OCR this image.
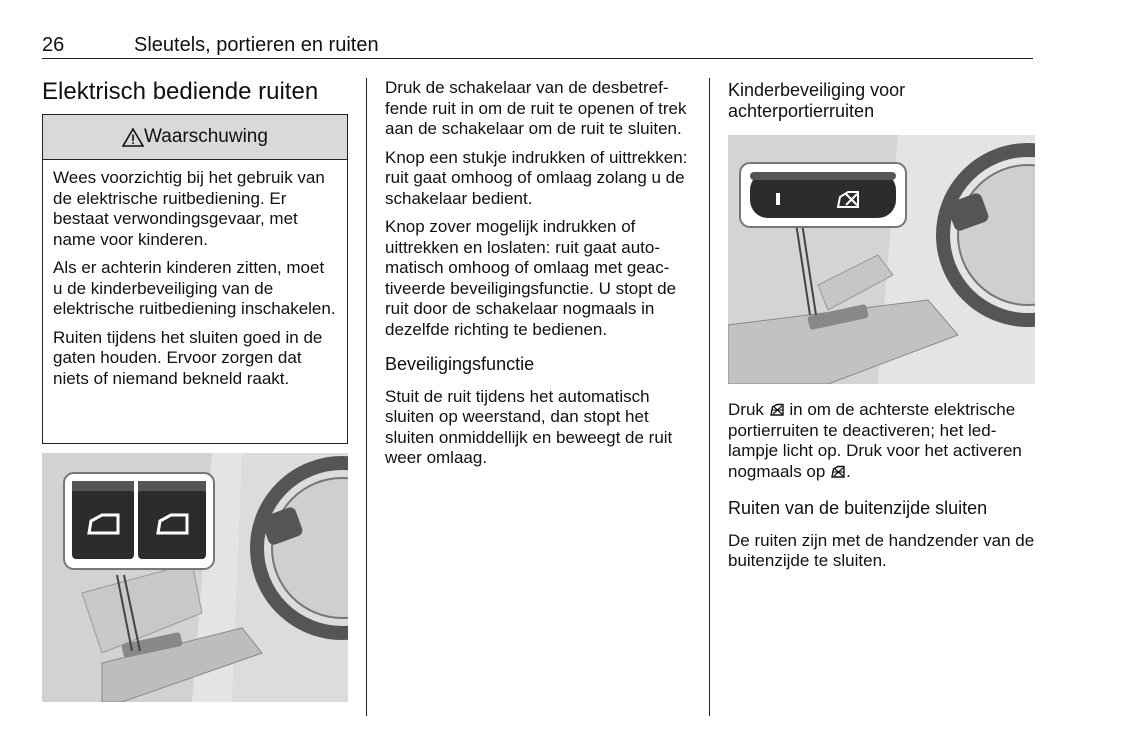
26	Sleutels, portieren en ruiten
Elektrisch bediende ruiten
Waarschuwing

Wees voorzichtig bij het gebruik van de elektrische ruitbediening. Er bestaat verwondingsgevaar, met name voor kinderen.

Als er achterin kinderen zitten, moet u de kinderbeveiliging van de elektrische ruitbediening inschakelen.

Ruiten tijdens het sluiten goed in de gaten houden. Ervoor zorgen dat niets of niemand bekneld raakt.

Druk de schakelaar van de desbetreffende ruit in om de ruit te openen of trek aan de schakelaar om de ruit te sluiten.

Knop een stukje indrukken of uittrekken: ruit gaat omhoog of omlaag zolang u de schakelaar bedient.

Knop zover mogelijk indrukken of uittrekken en loslaten: ruit gaat automatisch omhoog of omlaag met geactiveerde beveiligingsfunctie. U stopt de ruit door de schakelaar nogmaals in dezelfde richting te bedienen.

Beveiligingsfunctie

Stuit de ruit tijdens het automatisch sluiten op weerstand, dan stopt het sluiten onmiddellijk en beweegt de ruit weer omlaag.

Kinderbeveiliging voor achterportierruiten

Druk in om de achterste elektrische portierruiten te deactiveren; het led-lampje licht op. Druk voor het activeren nogmaals op .

Ruiten van de buitenzijde sluiten

De ruiten zijn met de handzender van de buitenzijde te sluiten.
